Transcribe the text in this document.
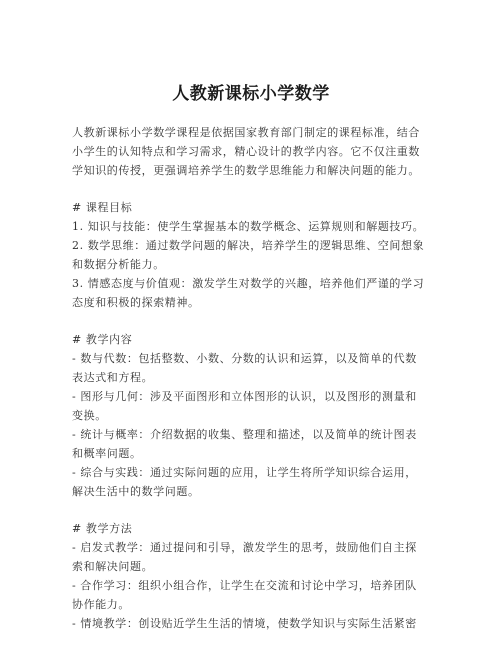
人教新课标小学数学
人教新课标小学数学课程是依据国家教育部门制定的课程标准，结合
小学生的认知特点和学习需求，精心设计的教学内容。它不仅注重数
学知识的传授，更强调培养学生的数学思维能力和解决问题的能力。
# 课程目标
1. 知识与技能：使学生掌握基本的数学概念、运算规则和解题技巧。
2. 数学思维：通过数学问题的解决，培养学生的逻辑思维、空间想象
和数据分析能力。
3. 情感态度与价值观：激发学生对数学的兴趣，培养他们严谨的学习
态度和积极的探索精神。
# 教学内容
- 数与代数：包括整数、小数、分数的认识和运算，以及简单的代数
表达式和方程。
- 图形与几何：涉及平面图形和立体图形的认识，以及图形的测量和
变换。
- 统计与概率：介绍数据的收集、整理和描述，以及简单的统计图表
和概率问题。
- 综合与实践：通过实际问题的应用，让学生将所学知识综合运用，
解决生活中的数学问题。
# 教学方法
- 启发式教学：通过提问和引导，激发学生的思考，鼓励他们自主探
索和解决问题。
- 合作学习：组织小组合作，让学生在交流和讨论中学习，培养团队
协作能力。
- 情境教学：创设贴近学生生活的情境，使数学知识与实际生活紧密
